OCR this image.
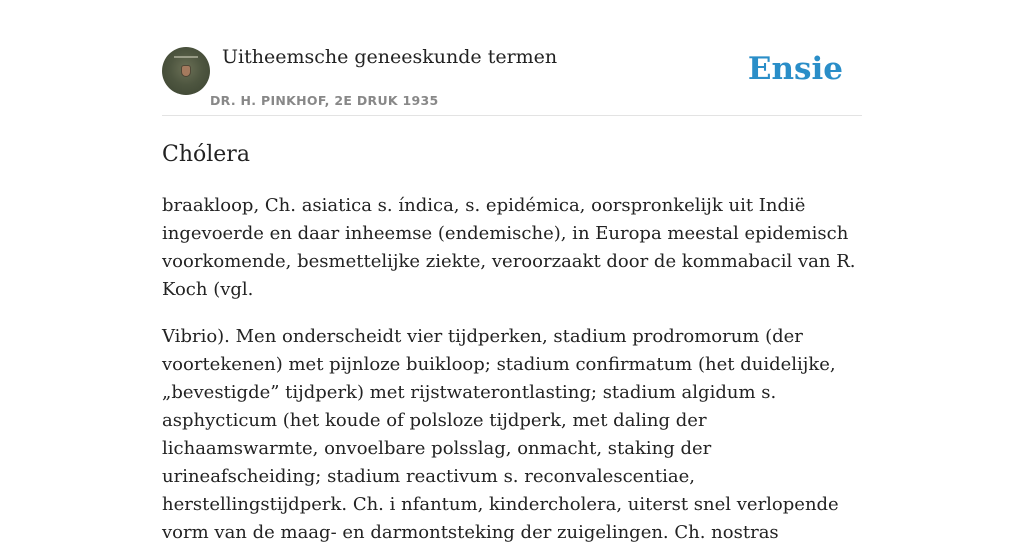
Uitheemsche geneeskunde termen
DR. H. PINKHOF, 2E DRUK 1935
Ensie
Chólera

braakloop, Ch. asiatica s. índica, s. epidémica, oorspronkelijk uit Indië ingevoerde en daar inheemse (endemische), in Europa meestal epidemisch voorkomende, besmettelijke ziekte, veroorzaakt door de kommabacil van R. Koch (vgl.

Vibrio). Men onderscheidt vier tijdperken, stadium prodromorum (der voortekenen) met pijnloze buikloop; stadium confirmatum (het duidelijke, „bevestigde” tijdperk) met rijstwaterontlasting; stadium algidum s. asphycticum (het koude of polsloze tijdperk, met daling der lichaamswarmte, onvoelbare polsslag, onmacht, staking der urineafscheiding; stadium reactivum s. reconvalescentiae, herstellingstijdperk. Ch. i nfantum, kindercholera, uiterst snel verlopende vorm van de maag- en darmontsteking der zuigelingen. Ch. nostras
